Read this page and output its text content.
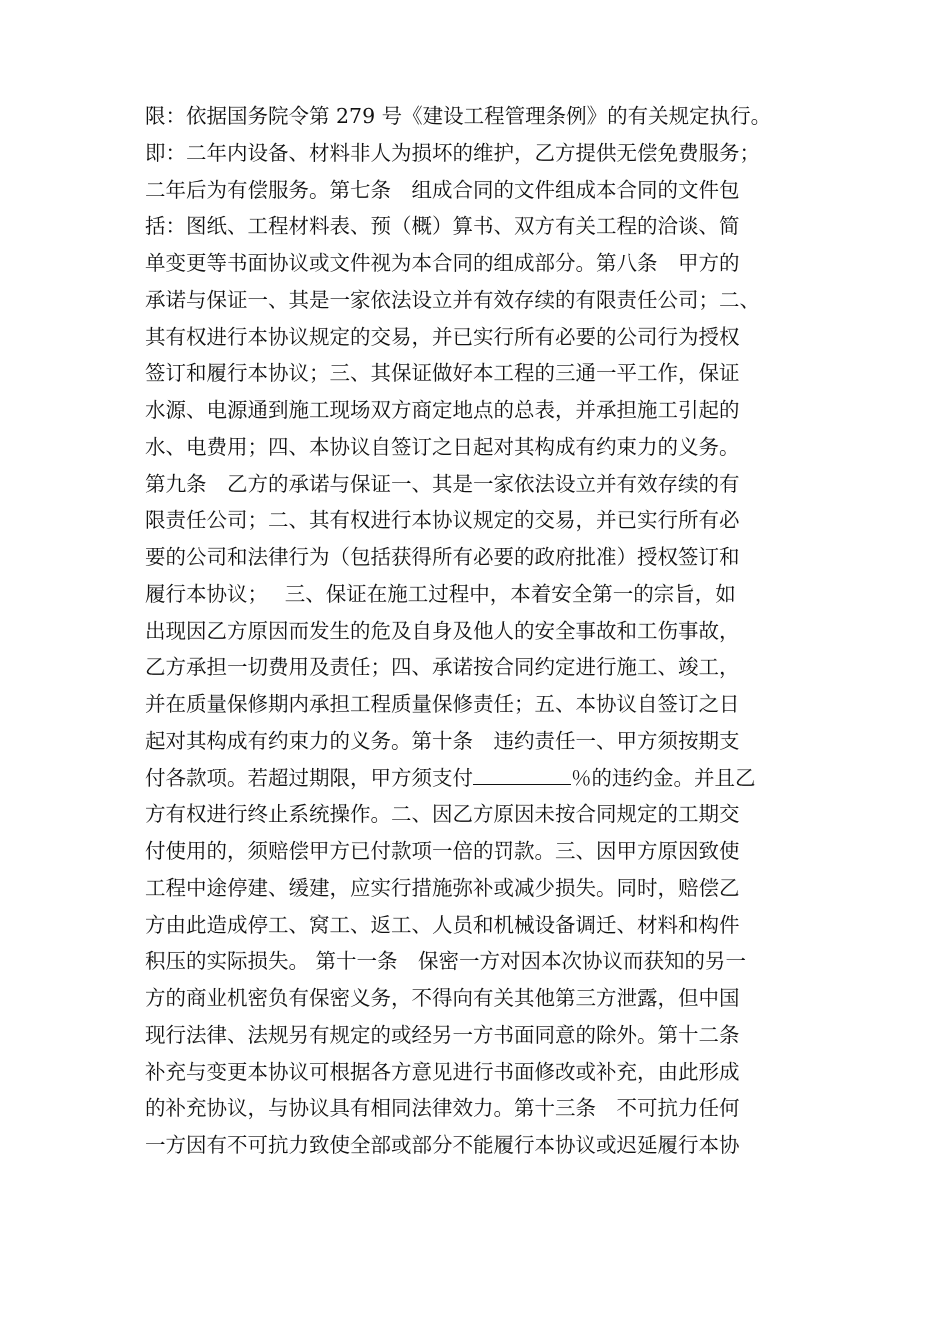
限：依据国务院令第 279 号《建设工程管理条例》的有关规定执行。
即：二年内设备、材料非人为损坏的维护，乙方提供无偿免费服务；
二年后为有偿服务。第七条　组成合同的文件组成本合同的文件包
括：图纸、工程材料表、预（概）算书、双方有关工程的洽谈、简
单变更等书面协议或文件视为本合同的组成部分。第八条　甲方的
承诺与保证一、其是一家依法设立并有效存续的有限责任公司；二、
其有权进行本协议规定的交易，并已实行所有必要的公司行为授权
签订和履行本协议；三、其保证做好本工程的三通一平工作，保证
水源、电源通到施工现场双方商定地点的总表，并承担施工引起的
水、电费用；四、本协议自签订之日起对其构成有约束力的义务。
第九条　乙方的承诺与保证一、其是一家依法设立并有效存续的有
限责任公司；二、其有权进行本协议规定的交易，并已实行所有必
要的公司和法律行为（包括获得所有必要的政府批准）授权签订和
履行本协议；　 三、保证在施工过程中，本着安全第一的宗旨，如
出现因乙方原因而发生的危及自身及他人的安全事故和工伤事故，
乙方承担一切费用及责任；四、承诺按合同约定进行施工、竣工，
并在质量保修期内承担工程质量保修责任；五、本协议自签订之日
起对其构成有约束力的义务。第十条　违约责任一、甲方须按期支
付各款项。若超过期限，甲方须支付	％的违约金。并且乙
方有权进行终止系统操作。二、因乙方原因未按合同规定的工期交
付使用的，须赔偿甲方已付款项一倍的罚款。三、因甲方原因致使
工程中途停建、缓建，应实行措施弥补或减少损失。同时，赔偿乙
方由此造成停工、窝工、返工、人员和机械设备调迁、材料和构件
积压的实际损失。 第十一条　保密一方对因本次协议而获知的另一
方的商业机密负有保密义务，不得向有关其他第三方泄露，但中国
现行法律、法规另有规定的或经另一方书面同意的除外。第十二条
补充与变更本协议可根据各方意见进行书面修改或补充，由此形成
的补充协议，与协议具有相同法律效力。第十三条　不可抗力任何
一方因有不可抗力致使全部或部分不能履行本协议或迟延履行本协
